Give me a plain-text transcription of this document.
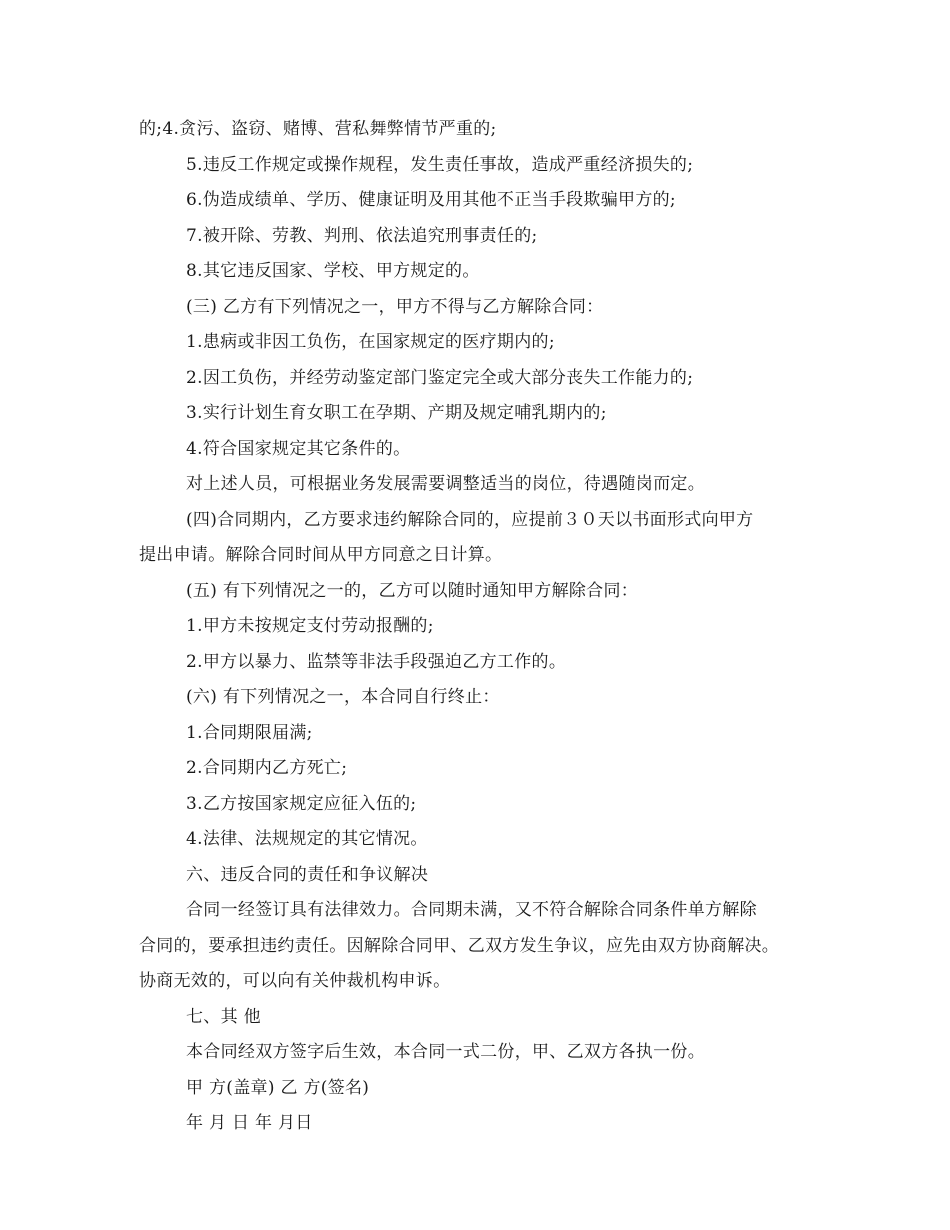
的;4.贪污、盗窃、赌博、营私舞弊情节严重的;
5.违反工作规定或操作规程，发生责任事故，造成严重经济损失的;
6.伪造成绩单、学历、健康证明及用其他不正当手段欺骗甲方的;
7.被开除、劳教、判刑、依法追究刑事责任的;
8.其它违反国家、学校、甲方规定的。
(三) 乙方有下列情况之一，甲方不得与乙方解除合同：
1.患病或非因工负伤，在国家规定的医疗期内的;
2.因工负伤，并经劳动鉴定部门鉴定完全或大部分丧失工作能力的;
3.实行计划生育女职工在孕期、产期及规定哺乳期内的;
4.符合国家规定其它条件的。
对上述人员，可根据业务发展需要调整适当的岗位，待遇随岗而定。
(四)合同期内，乙方要求违约解除合同的，应提前３０天以书面形式向甲方
提出申请。解除合同时间从甲方同意之日计算。
(五) 有下列情况之一的，乙方可以随时通知甲方解除合同：
1.甲方未按规定支付劳动报酬的;
2.甲方以暴力、监禁等非法手段强迫乙方工作的。
(六) 有下列情况之一，本合同自行终止：
1.合同期限届满;
2.合同期内乙方死亡;
3.乙方按国家规定应征入伍的;
4.法律、法规规定的其它情况。
六、违反合同的责任和争议解决
合同一经签订具有法律效力。合同期未满，又不符合解除合同条件单方解除
合同的，要承担违约责任。因解除合同甲、乙双方发生争议，应先由双方协商解决。
协商无效的，可以向有关仲裁机构申诉。
七、其 他
本合同经双方签字后生效，本合同一式二份，甲、乙双方各执一份。
甲 方(盖章) 乙 方(签名)
年 月 日 年 月日
